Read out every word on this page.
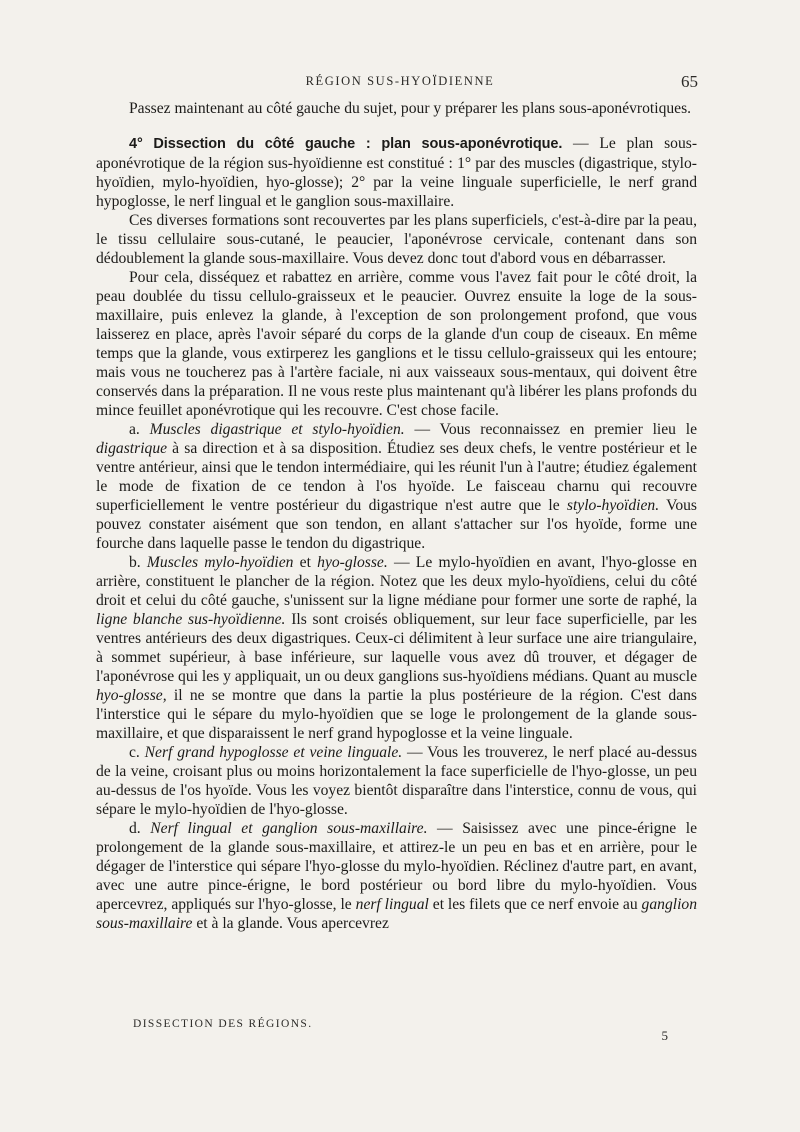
RÉGION SUS-HYOÏDIENNE	65

Passez maintenant au côté gauche du sujet, pour y préparer les plans sous-aponévrotiques.

4° Dissection du côté gauche : plan sous-aponévrotique. — Le plan sous-aponévrotique de la région sus-hyoïdienne est constitué : 1° par des muscles (digastrique, stylo-hyoïdien, mylo-hyoïdien, hyo-glosse); 2° par la veine linguale superficielle, le nerf grand hypoglosse, le nerf lingual et le ganglion sous-maxillaire.

Ces diverses formations sont recouvertes par les plans superficiels, c'est-à-dire par la peau, le tissu cellulaire sous-cutané, le peaucier, l'aponévrose cervicale, contenant dans son dédoublement la glande sous-maxillaire. Vous devez donc tout d'abord vous en débarrasser.

Pour cela, disséquez et rabattez en arrière, comme vous l'avez fait pour le côté droit, la peau doublée du tissu cellulo-graisseux et le peaucier. Ouvrez ensuite la loge de la sous-maxillaire, puis enlevez la glande, à l'exception de son prolongement profond, que vous laisserez en place, après l'avoir séparé du corps de la glande d'un coup de ciseaux. En même temps que la glande, vous extirperez les ganglions et le tissu cellulo-graisseux qui les entoure; mais vous ne toucherez pas à l'artère faciale, ni aux vaisseaux sous-mentaux, qui doivent être conservés dans la préparation. Il ne vous reste plus maintenant qu'à libérer les plans profonds du mince feuillet aponévrotique qui les recouvre. C'est chose facile.

a. Muscles digastrique et stylo-hyoïdien. — Vous reconnaissez en premier lieu le digastrique à sa direction et à sa disposition. Étudiez ses deux chefs, le ventre postérieur et le ventre antérieur, ainsi que le tendon intermédiaire, qui les réunit l'un à l'autre; étudiez également le mode de fixation de ce tendon à l'os hyoïde. Le faisceau charnu qui recouvre superficiellement le ventre postérieur du digastrique n'est autre que le stylo-hyoïdien. Vous pouvez constater aisément que son tendon, en allant s'attacher sur l'os hyoïde, forme une fourche dans laquelle passe le tendon du digastrique.

b. Muscles mylo-hyoïdien et hyo-glosse. — Le mylo-hyoïdien en avant, l'hyo-glosse en arrière, constituent le plancher de la région. Notez que les deux mylo-hyoïdiens, celui du côté droit et celui du côté gauche, s'unissent sur la ligne médiane pour former une sorte de raphé, la ligne blanche sus-hyoïdienne. Ils sont croisés obliquement, sur leur face superficielle, par les ventres antérieurs des deux digastriques. Ceux-ci délimitent à leur surface une aire triangulaire, à sommet supérieur, à base inférieure, sur laquelle vous avez dû trouver, et dégager de l'aponévrose qui les y appliquait, un ou deux ganglions sus-hyoïdiens médians. Quant au muscle hyo-glosse, il ne se montre que dans la partie la plus postérieure de la région. C'est dans l'interstice qui le sépare du mylo-hyoïdien que se loge le prolongement de la glande sous-maxillaire, et que disparaissent le nerf grand hypoglosse et la veine linguale.

c. Nerf grand hypoglosse et veine linguale. — Vous les trouverez, le nerf placé au-dessus de la veine, croisant plus ou moins horizontalement la face superficielle de l'hyo-glosse, un peu au-dessus de l'os hyoïde. Vous les voyez bientôt disparaître dans l'interstice, connu de vous, qui sépare le mylo-hyoïdien de l'hyo-glosse.

d. Nerf lingual et ganglion sous-maxillaire. — Saisissez avec une pince-érigne le prolongement de la glande sous-maxillaire, et attirez-le un peu en bas et en arrière, pour le dégager de l'interstice qui sépare l'hyo-glosse du mylo-hyoïdien. Réclinez d'autre part, en avant, avec une autre pince-érigne, le bord postérieur ou bord libre du mylo-hyoïdien. Vous apercevrez, appliqués sur l'hyo-glosse, le nerf lingual et les filets que ce nerf envoie au ganglion sous-maxillaire et à la glande. Vous apercevrez

DISSECTION DES RÉGIONS.
5
